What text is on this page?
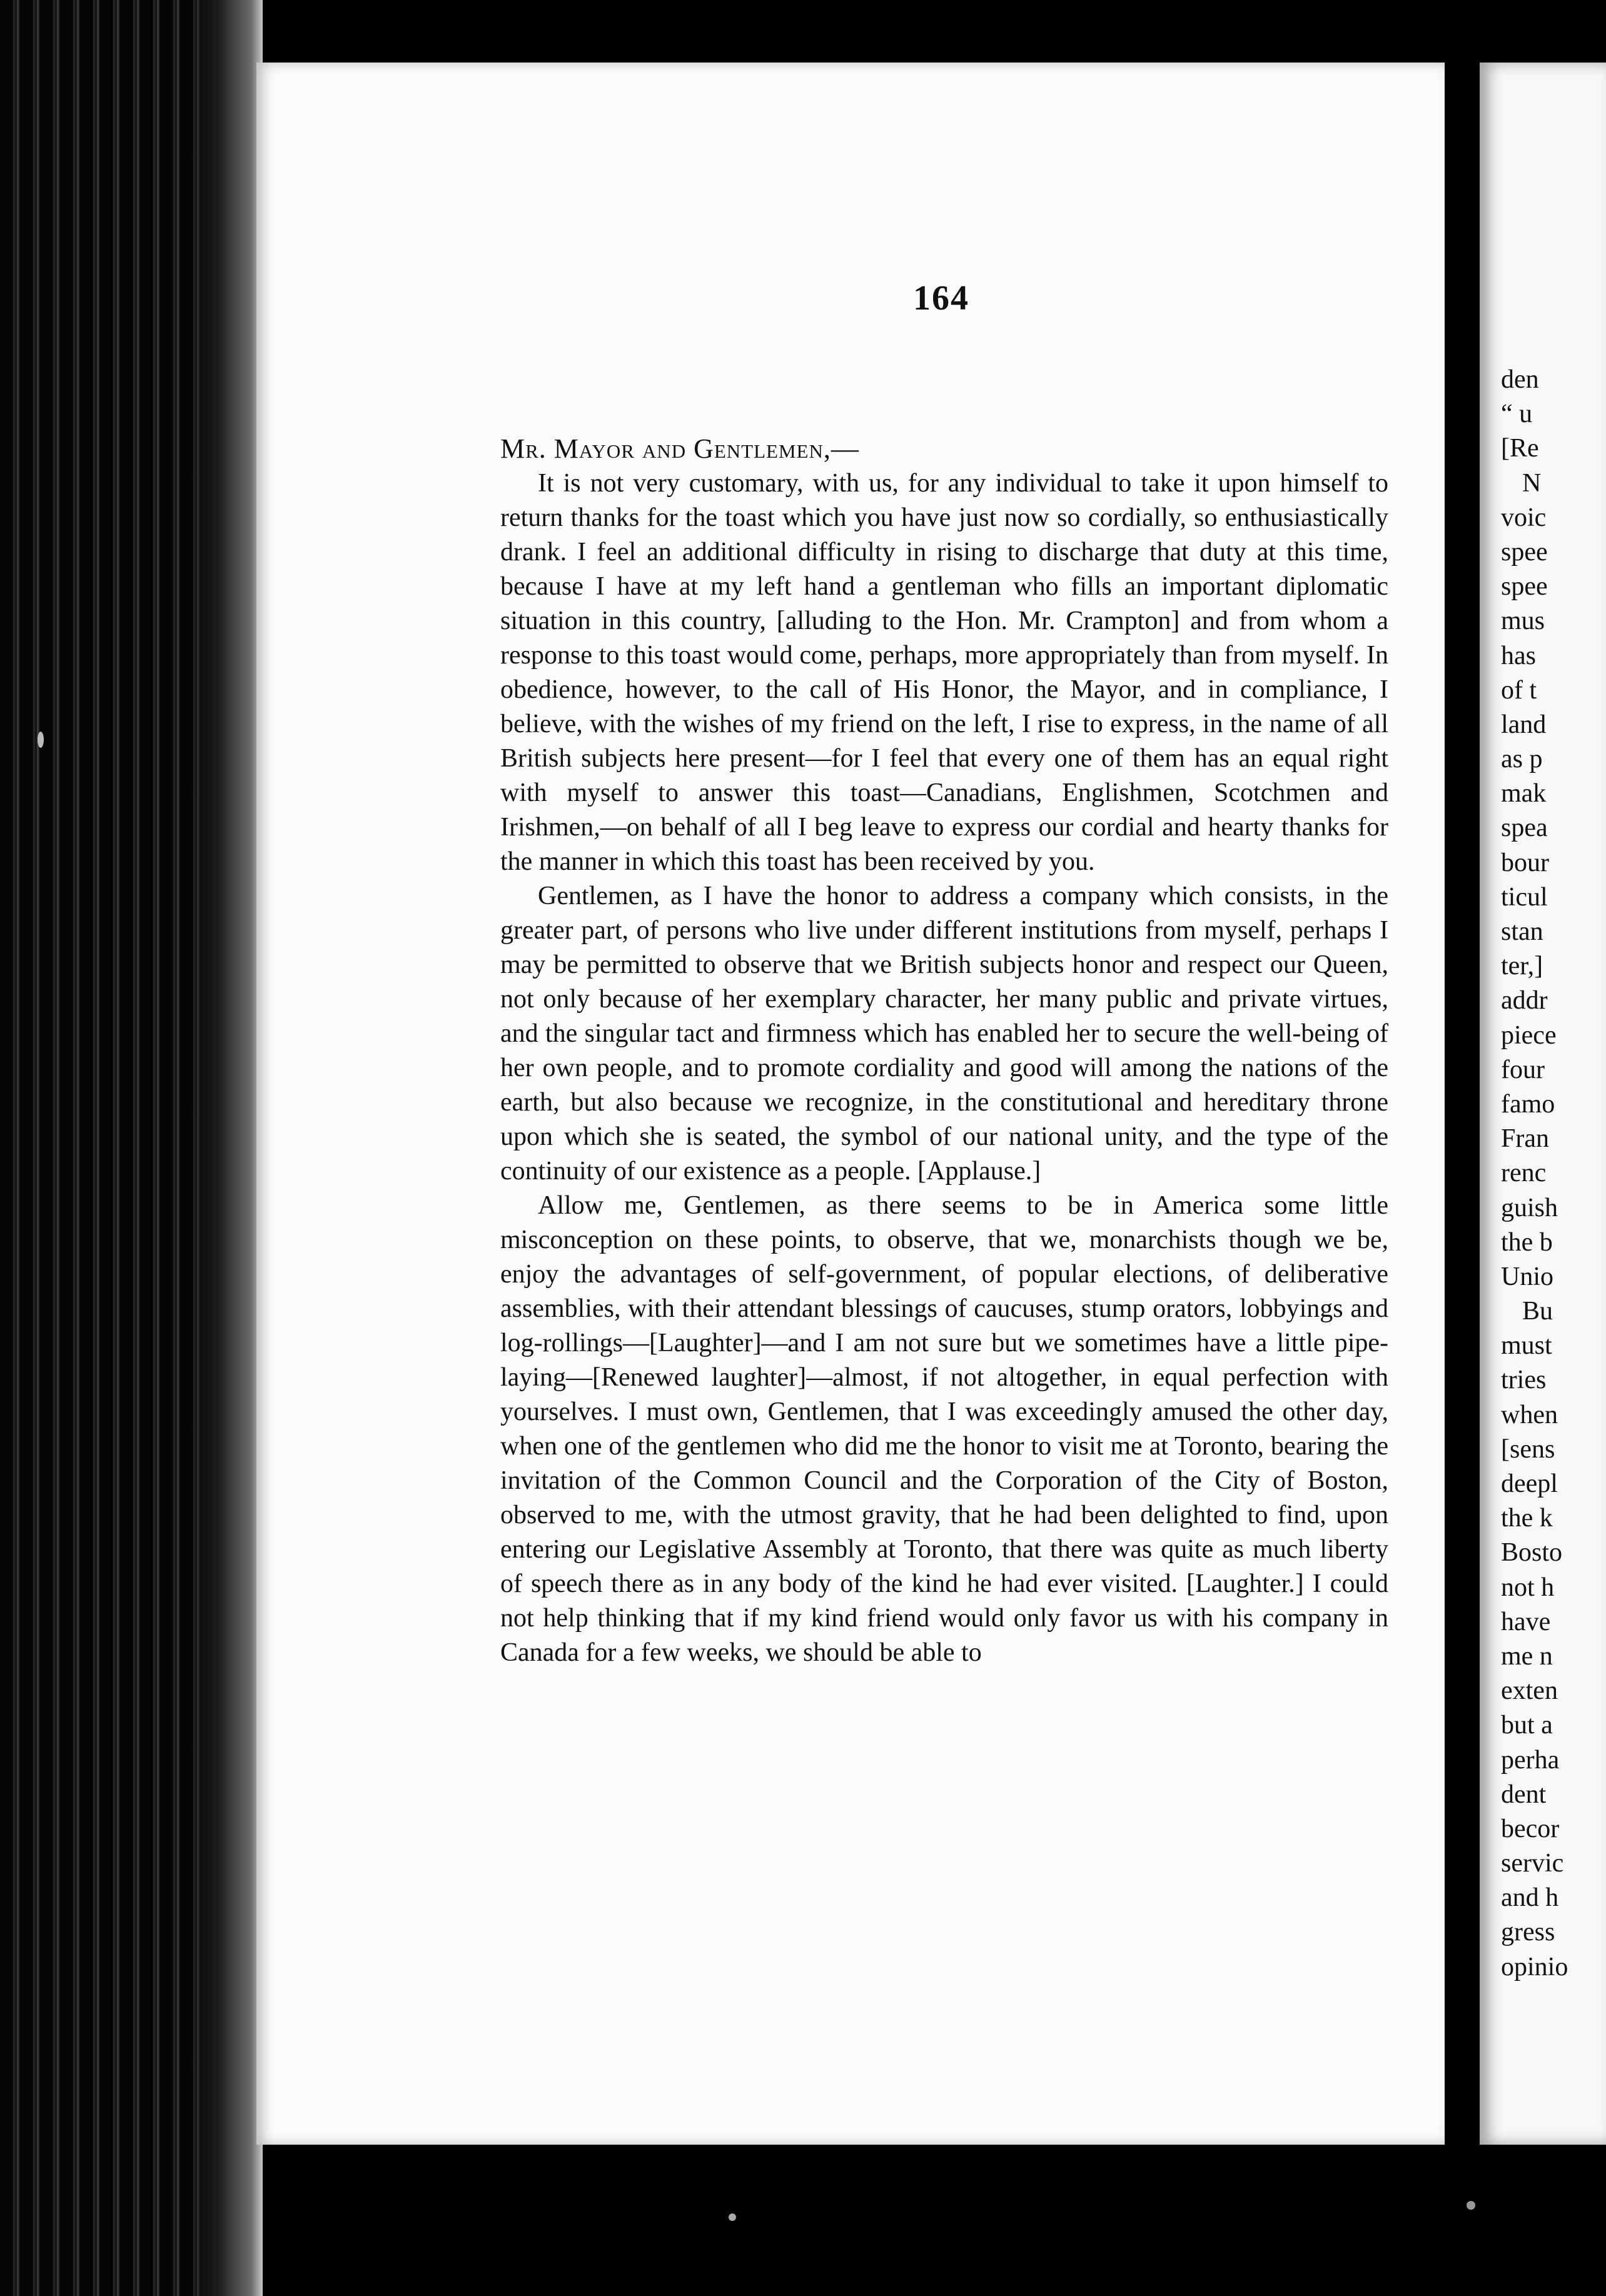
164
Mr. Mayor and Gentlemen,—

It is not very customary, with us, for any individual to take it upon himself to return thanks for the toast which you have just now so cordially, so enthusiastically drank. I feel an additional difficulty in rising to discharge that duty at this time, because I have at my left hand a gentleman who fills an important diplomatic situation in this country, [alluding to the Hon. Mr. Crampton] and from whom a response to this toast would come, perhaps, more appropriately than from myself. In obedience, however, to the call of His Honor, the Mayor, and in compliance, I believe, with the wishes of my friend on the left, I rise to express, in the name of all British subjects here present—for I feel that every one of them has an equal right with myself to answer this toast—Canadians, Englishmen, Scotchmen and Irishmen,—on behalf of all I beg leave to express our cordial and hearty thanks for the manner in which this toast has been received by you.

Gentlemen, as I have the honor to address a company which consists, in the greater part, of persons who live under different institutions from myself, perhaps I may be permitted to observe that we British subjects honor and respect our Queen, not only because of her exemplary character, her many public and private virtues, and the singular tact and firmness which has enabled her to secure the well-being of her own people, and to promote cordiality and good will among the nations of the earth, but also because we recognize, in the constitutional and hereditary throne upon which she is seated, the symbol of our national unity, and the type of the continuity of our existence as a people. [Applause.]

Allow me, Gentlemen, as there seems to be in America some little misconception on these points, to observe, that we, monarchists though we be, enjoy the advantages of self-government, of popular elections, of deliberative assemblies, with their attendant blessings of caucuses, stump orators, lobbyings and log-rollings—[Laughter]—and I am not sure but we sometimes have a little pipe-laying—[Renewed laughter]—almost, if not altogether, in equal perfection with yourselves. I must own, Gentlemen, that I was exceedingly amused the other day, when one of the gentlemen who did me the honor to visit me at Toronto, bearing the invitation of the Common Council and the Corporation of the City of Boston, observed to me, with the utmost gravity, that he had been delighted to find, upon entering our Legislative Assembly at Toronto, that there was quite as much liberty of speech there as in any body of the kind he had ever visited. [Laughter.] I could not help thinking that if my kind friend would only favor us with his company in Canada for a few weeks, we should be able to

den
“ u
[Re
N
voic
spee
spee
mus
has
of t
land
as p
mak
spea
bour
ticul
stan
ter,]
addr
piece
four
famo
Fran
renc
guish
the b
Unio
Bu
must
tries
when
[sens
deepl
the k
Bosto
not h
have
me n
exten
but a
perha
dent
becor
servic
and h
gress
opinio
